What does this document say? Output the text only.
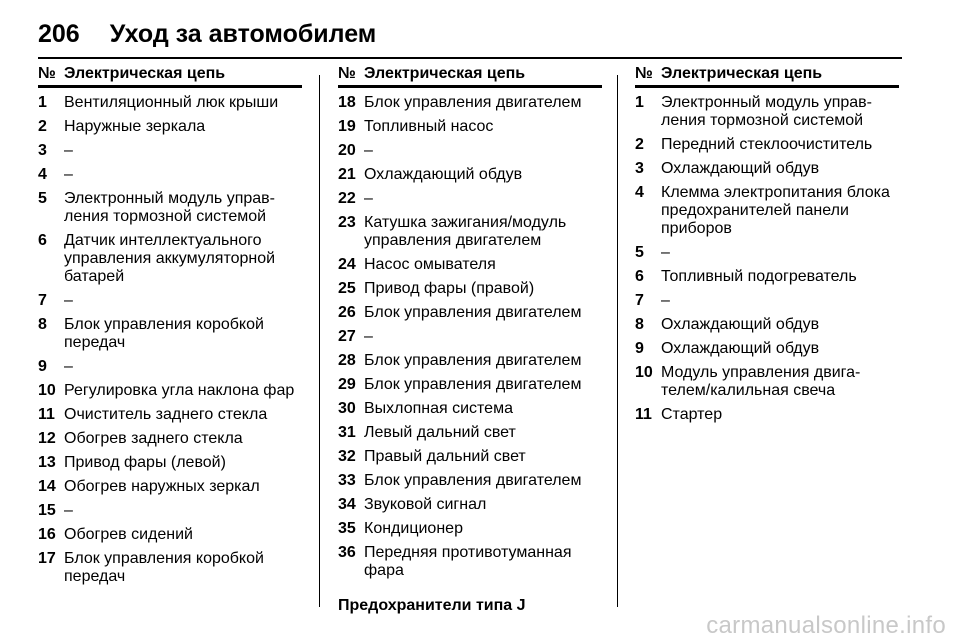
206 Уход за автомобилем
№ Электрическая цепь
1	Вентиляционный люк крыши
2	Наружные зеркала
3	–
4	–
5	Электронный модуль управ- ления тормозной системой
6	Датчик интеллектуального управления аккумуляторной батарей
7	–
8	Блок управления коробкой передач
9	–
10 Регулировка угла наклона фар
11 Очиститель заднего стекла
12 Обогрев заднего стекла
13 Привод фары (левой)
14 Обогрев наружных зеркал
15 –
16 Обогрев сидений
17 Блок управления коробкой передач
№ Электрическая цепь
18 Блок управления двигателем
19 Топливный насос
20 –
21 Охлаждающий обдув
22 –
23 Катушка зажигания/модуль управления двигателем
24 Насос омывателя
25 Привод фары (правой)
26 Блок управления двигателем
27 –
28 Блок управления двигателем
29 Блок управления двигателем
30 Выхлопная система
31 Левый дальний свет
32 Правый дальний свет
33 Блок управления двигателем
34 Звуковой сигнал
35 Кондиционер
36 Передняя противотуманная фара
Предохранители типа J
№ Электрическая цепь
1	Электронный модуль управ- ления тормозной системой
2	Передний стеклоочиститель
3	Охлаждающий обдув
4	Клемма электропитания блока предохранителей панели приборов
5	–
6	Топливный подогреватель
7	–
8	Охлаждающий обдув
9	Охлаждающий обдув
10 Модуль управления двига- телем/калильная свеча
11 Стартер
carmanualsonline.info
